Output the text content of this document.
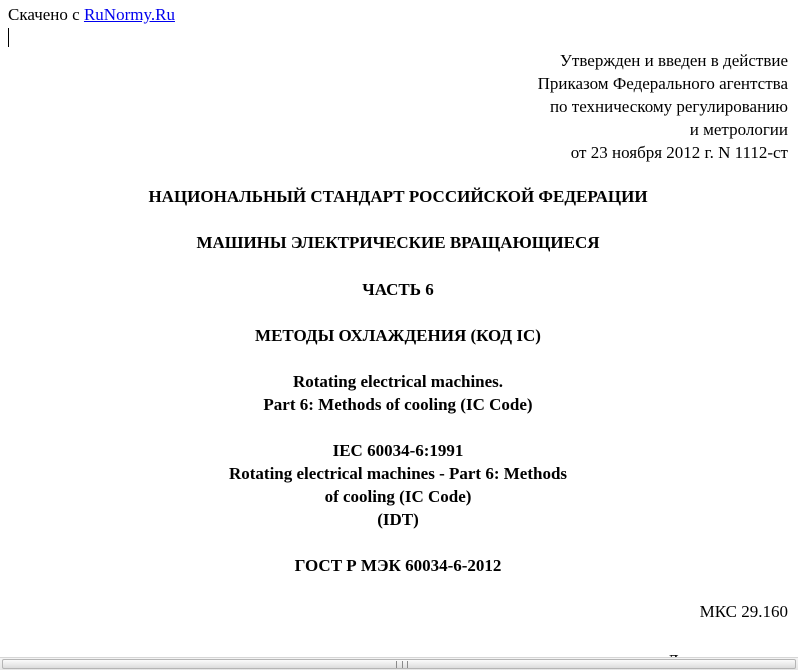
Скачено с RuNormy.Ru
Утвержден и введен в действие
Приказом Федерального агентства
по техническому регулированию
и метрологии
от 23 ноября 2012 г. N 1112-ст
НАЦИОНАЛЬНЫЙ СТАНДАРТ РОССИЙСКОЙ ФЕДЕРАЦИИ
МАШИНЫ ЭЛЕКТРИЧЕСКИЕ ВРАЩАЮЩИЕСЯ
ЧАСТЬ 6
МЕТОДЫ ОХЛАЖДЕНИЯ (КОД IC)
Rotating electrical machines.
Part 6: Methods of cooling (IC Code)
IEC 60034-6:1991
Rotating electrical machines - Part 6: Methods
of cooling (IC Code)
(IDT)
ГОСТ Р МЭК 60034-6-2012
МКС 29.160
